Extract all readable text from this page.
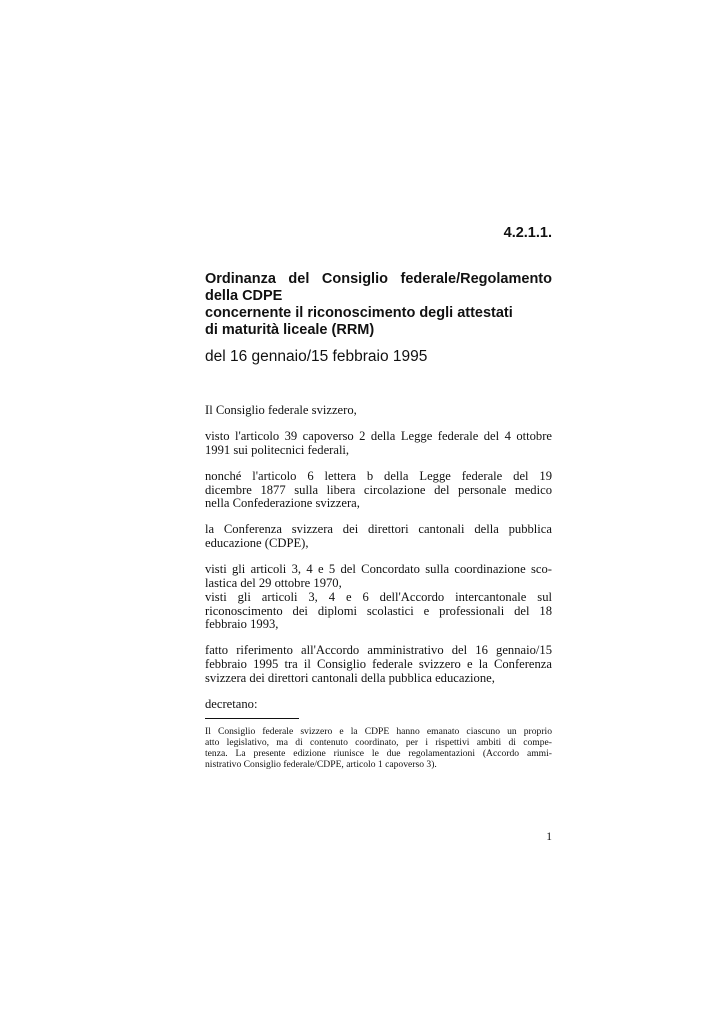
4.2.1.1.
Ordinanza del Consiglio federale/Regolamento
della CDPE
concernente il riconoscimento degli attestati
di maturità liceale (RRM)
del 16 gennaio/15 febbraio 1995

Il Consiglio federale svizzero,

visto l'articolo 39 capoverso 2 della Legge federale del 4 ottobre
1991 sui politecnici federali,

nonché l'articolo 6 lettera b della Legge federale del 19
dicembre 1877 sulla libera circolazione del personale medico
nella Confederazione svizzera,

la Conferenza svizzera dei direttori cantonali della pubblica
educazione (CDPE),

visti gli articoli 3, 4 e 5 del Concordato sulla coordinazione sco-
lastica del 29 ottobre 1970,

visti gli articoli 3, 4 e 6 dell'Accordo intercantonale sul
riconoscimento dei diplomi scolastici e professionali del 18
febbraio 1993,

fatto riferimento all'Accordo amministrativo del 16 gennaio/15
febbraio 1995 tra il Consiglio federale svizzero e la Conferenza
svizzera dei direttori cantonali della pubblica educazione,

decretano:

Il Consiglio federale svizzero e la CDPE hanno emanato ciascuno un proprio
atto legislativo, ma di contenuto coordinato, per i rispettivi ambiti di compe-
tenza. La presente edizione riunisce le due regolamentazioni (Accordo ammi-
nistrativo Consiglio federale/CDPE, articolo 1 capoverso 3).
1
